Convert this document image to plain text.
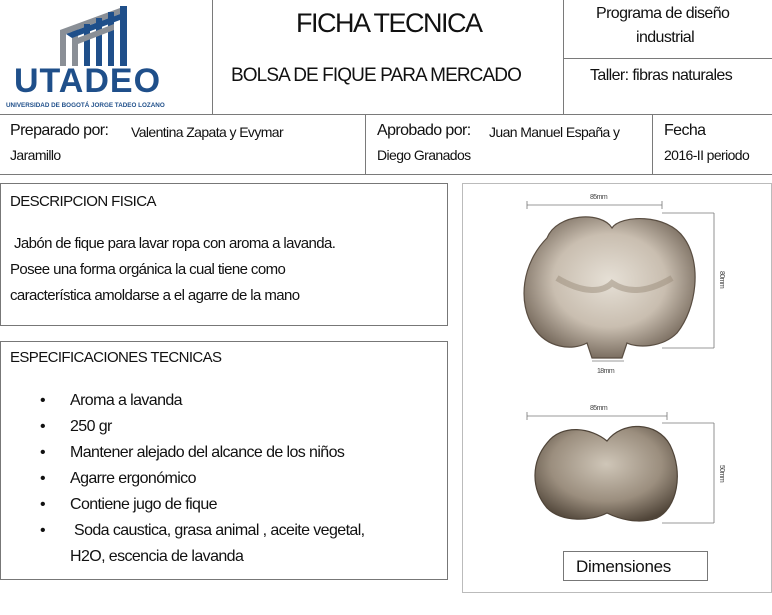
UTADEO
UNIVERSIDAD DE BOGOTÁ JORGE TADEO LOZANO
FICHA TECNICA
BOLSA DE FIQUE PARA MERCADO
Programa de diseño
industrial
Taller: fibras naturales
Preparado por: Valentina Zapata y Evymar
Jaramillo
Aprobado por: Juan Manuel España y
Diego Granados
Fecha
2016-II periodo
DESCRIPCION FISICA
Jabón de fique para lavar ropa con aroma a lavanda.
Posee una forma orgánica la cual tiene como
característica amoldarse a el agarre de la mano
ESPECIFICACIONES TECNICAS
• Aroma a lavanda
• 250 gr
• Mantener alejado del alcance de los niños
• Agarre ergonómico
• Contiene jugo de fique
• Soda caustica, grasa animal , aceite vegetal,
H2O, escencia de lavanda
85mm
80mm
18mm
85mm
50mm
Dimensiones
